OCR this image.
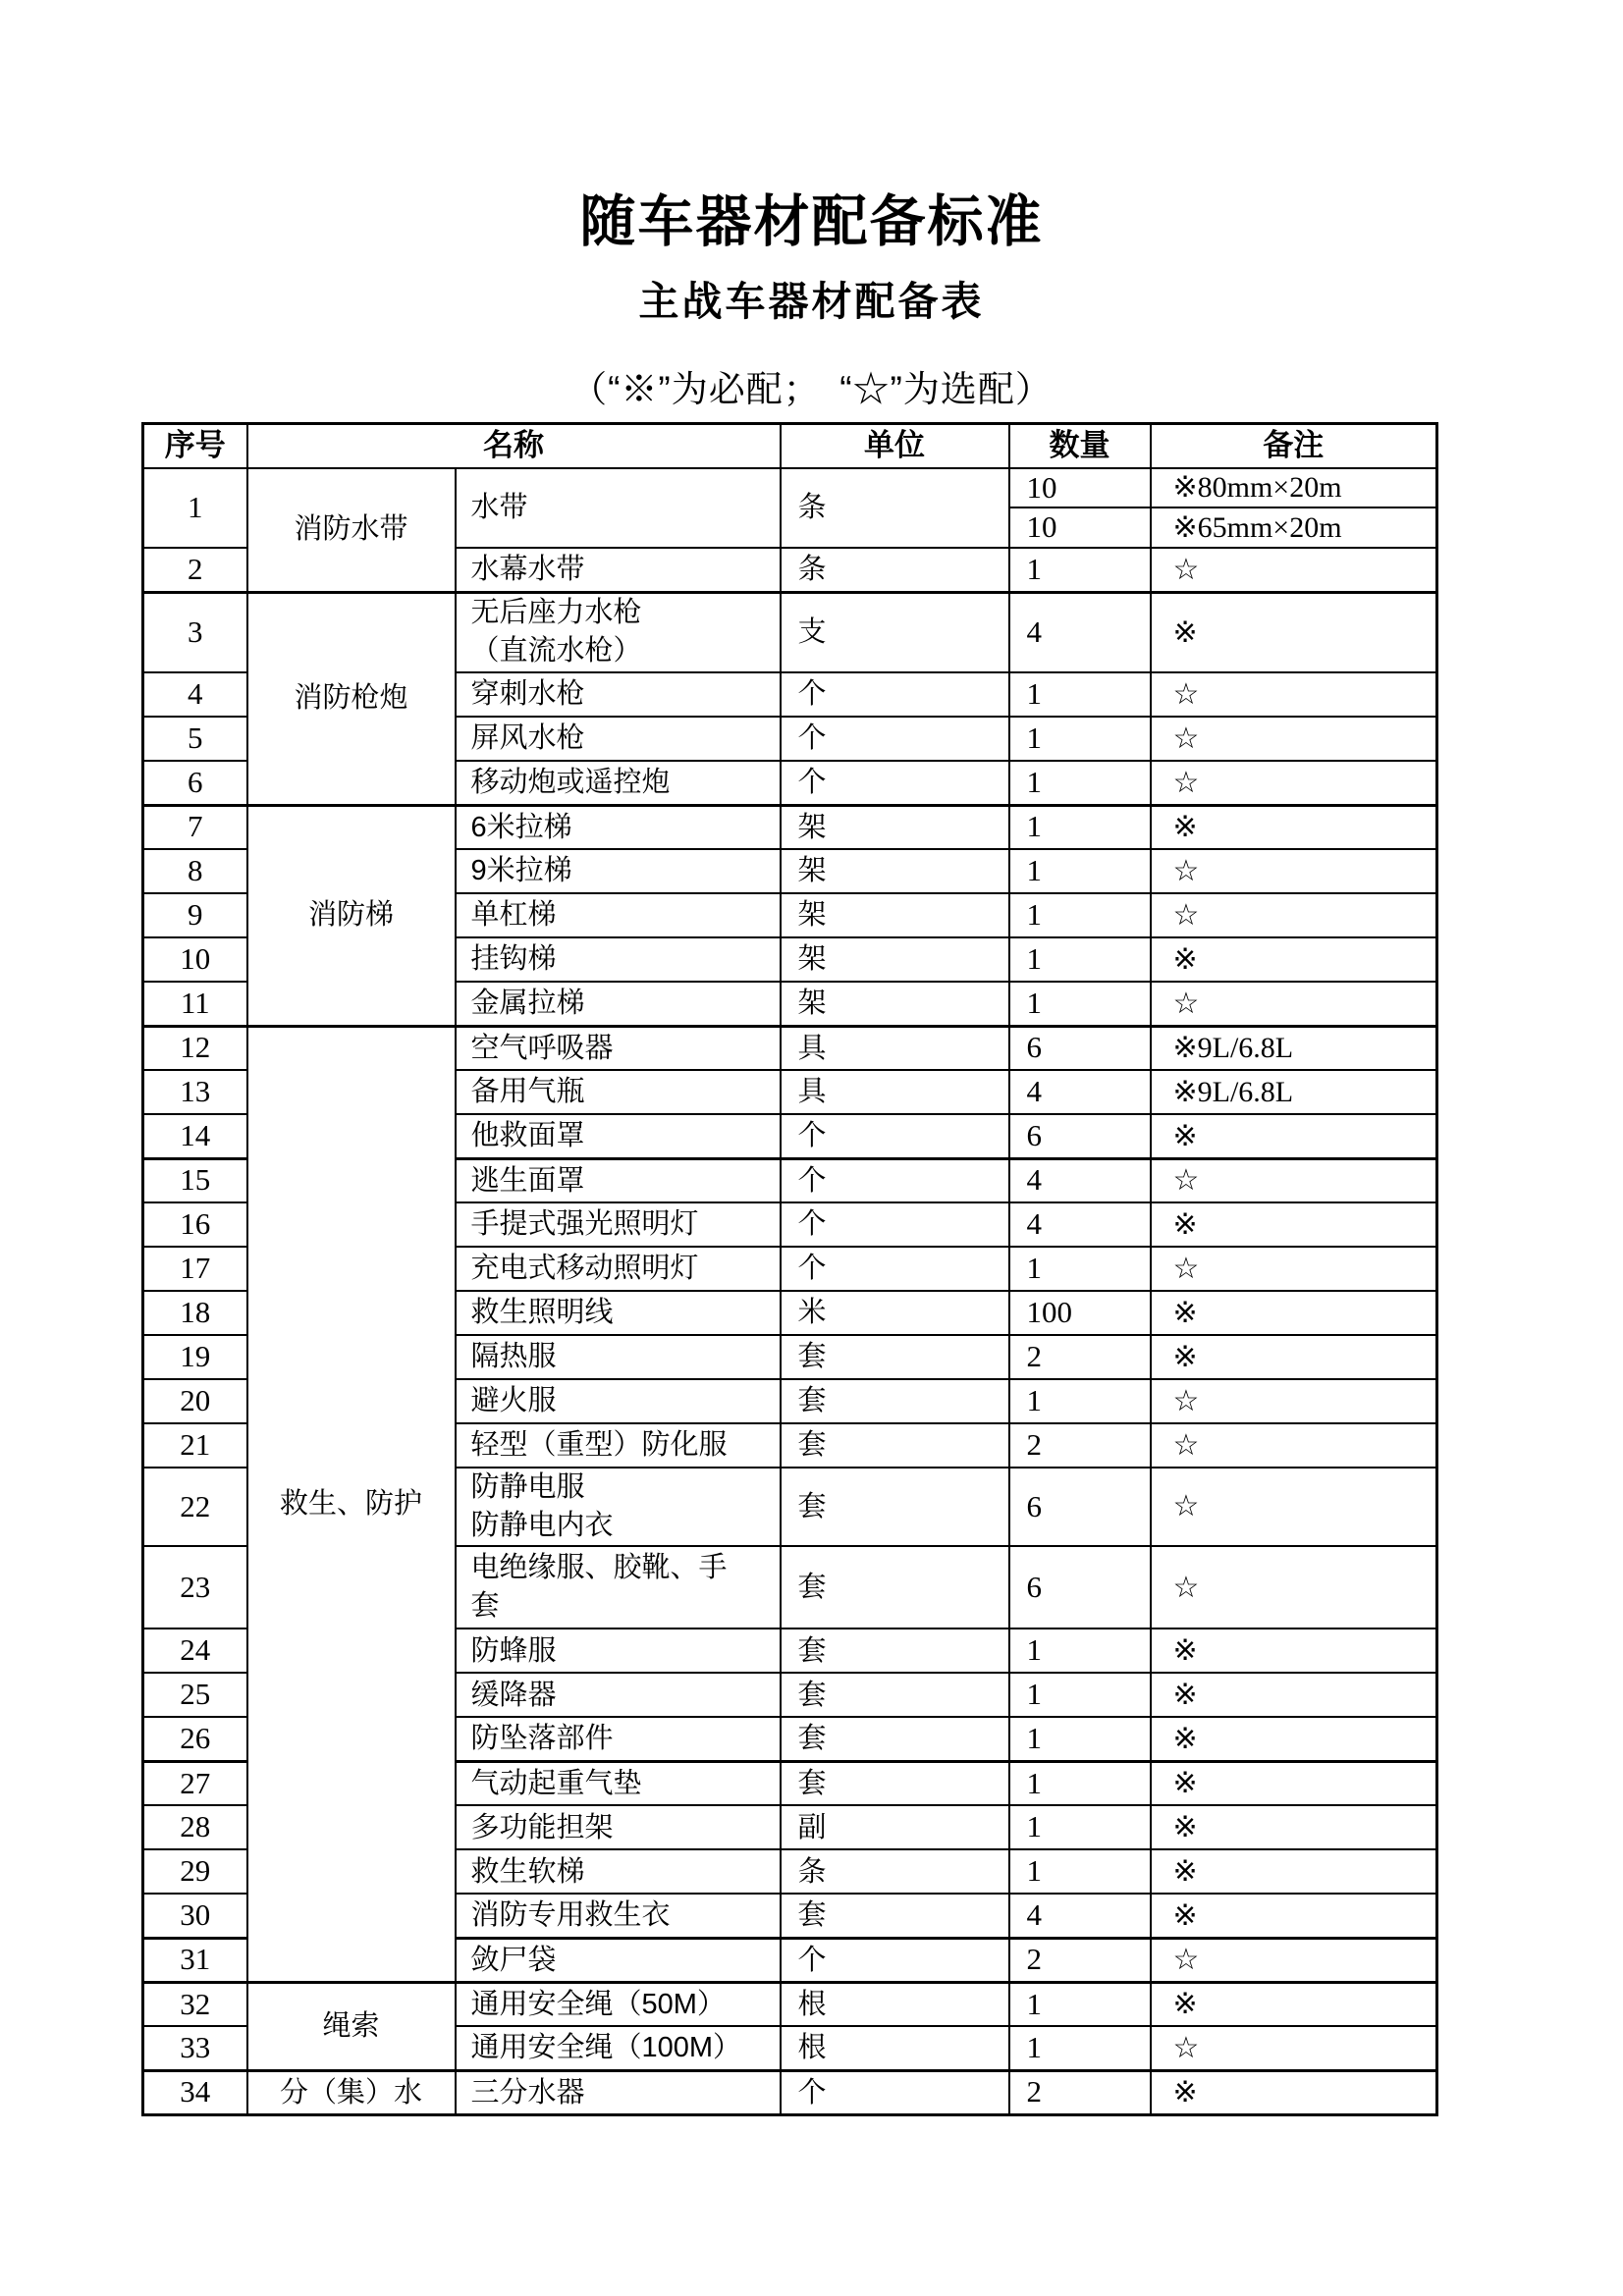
随车器材配备标准
主战车器材配备表
（“※”为必配；　“☆”为选配）
序号	名称		单位	数量	备注
1	消防水带	水带	条	10	※80mm×20m
				10	※65mm×20m
2		水幕水带	条	1	☆
3	消防枪炮	无后座力水枪
（直流水枪）	支	4	※
4		穿刺水枪	个	1	☆
5		屏风水枪	个	1	☆
6		移动炮或遥控炮	个	1	☆
7	消防梯	6米拉梯	架	1	※
8		9米拉梯	架	1	☆
9		单杠梯	架	1	☆
10		挂钩梯	架	1	※
11		金属拉梯	架	1	☆
12	救生、防护	空气呼吸器	具	6	※9L/6.8L
13		备用气瓶	具	4	※9L/6.8L
14		他救面罩	个	6	※
15		逃生面罩	个	4	☆
16		手提式强光照明灯	个	4	※
17		充电式移动照明灯	个	1	☆
18		救生照明线	米	100	※
19		隔热服	套	2	※
20		避火服	套	1	☆
21		轻型（重型）防化服	套	2	☆
22		防静电服
防静电内衣	套	6	☆
23		电绝缘服、胶靴、手
套	套	6	☆
24		防蜂服	套	1	※
25		缓降器	套	1	※
26		防坠落部件	套	1	※
27		气动起重气垫	套	1	※
28		多功能担架	副	1	※
29		救生软梯	条	1	※
30		消防专用救生衣	套	4	※
31		敛尸袋	个	2	☆
32	绳索	通用安全绳（50M）	根	1	※
33		通用安全绳（100M）	根	1	☆
34	分（集）水	三分水器	个	2	※
